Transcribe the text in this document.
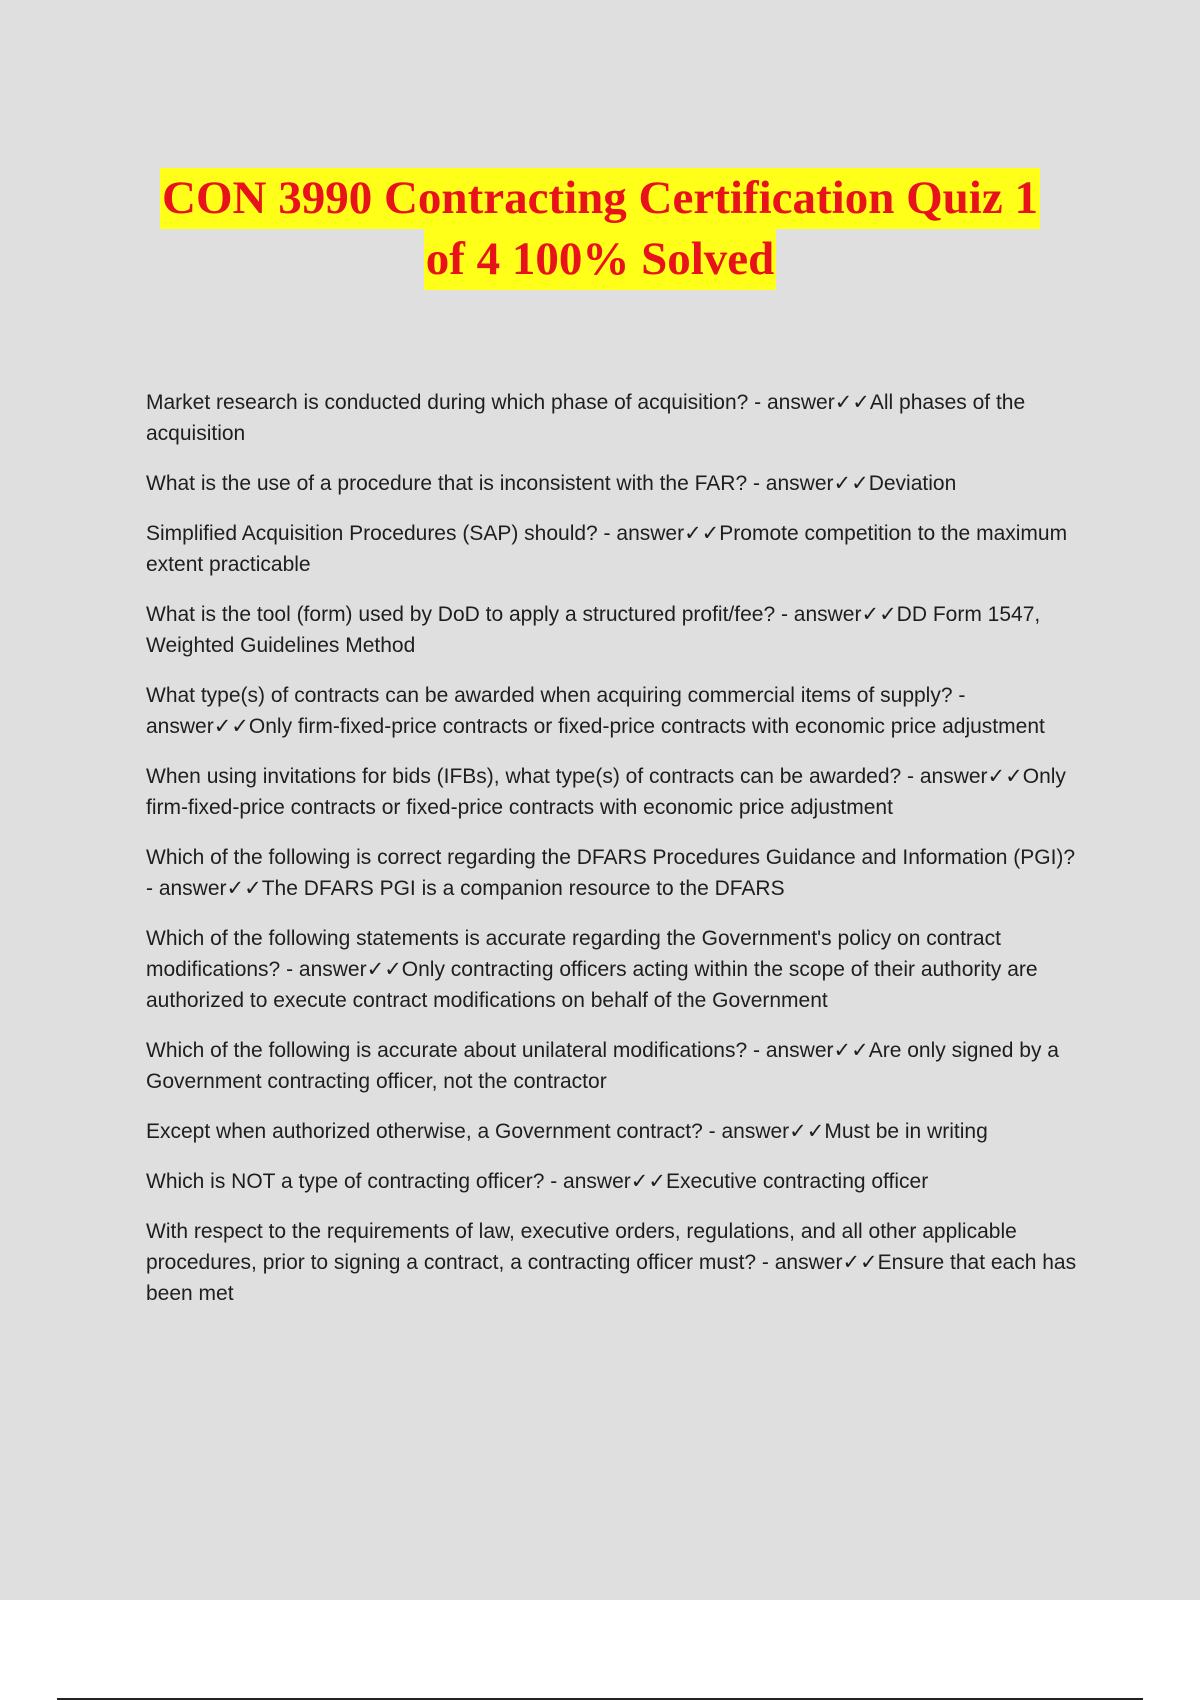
CON 3990 Contracting Certification Quiz 1
of 4 100% Solved

Market research is conducted during which phase of acquisition? - answer✓✓All phases of the acquisition

What is the use of a procedure that is inconsistent with the FAR? - answer✓✓Deviation

Simplified Acquisition Procedures (SAP) should? - answer✓✓Promote competition to the maximum extent practicable

What is the tool (form) used by DoD to apply a structured profit/fee? - answer✓✓DD Form 1547, Weighted Guidelines Method

What type(s) of contracts can be awarded when acquiring commercial items of supply? - answer✓✓Only firm-fixed-price contracts or fixed-price contracts with economic price adjustment

When using invitations for bids (IFBs), what type(s) of contracts can be awarded? - answer✓✓Only firm-fixed-price contracts or fixed-price contracts with economic price adjustment

Which of the following is correct regarding the DFARS Procedures Guidance and Information (PGI)? - answer✓✓The DFARS PGI is a companion resource to the DFARS

Which of the following statements is accurate regarding the Government's policy on contract modifications? - answer✓✓Only contracting officers acting within the scope of their authority are authorized to execute contract modifications on behalf of the Government

Which of the following is accurate about unilateral modifications? - answer✓✓Are only signed by a Government contracting officer, not the contractor

Except when authorized otherwise, a Government contract? - answer✓✓Must be in writing

Which is NOT a type of contracting officer? - answer✓✓Executive contracting officer

With respect to the requirements of law, executive orders, regulations, and all other applicable procedures, prior to signing a contract, a contracting officer must? - answer✓✓Ensure that each has been met
